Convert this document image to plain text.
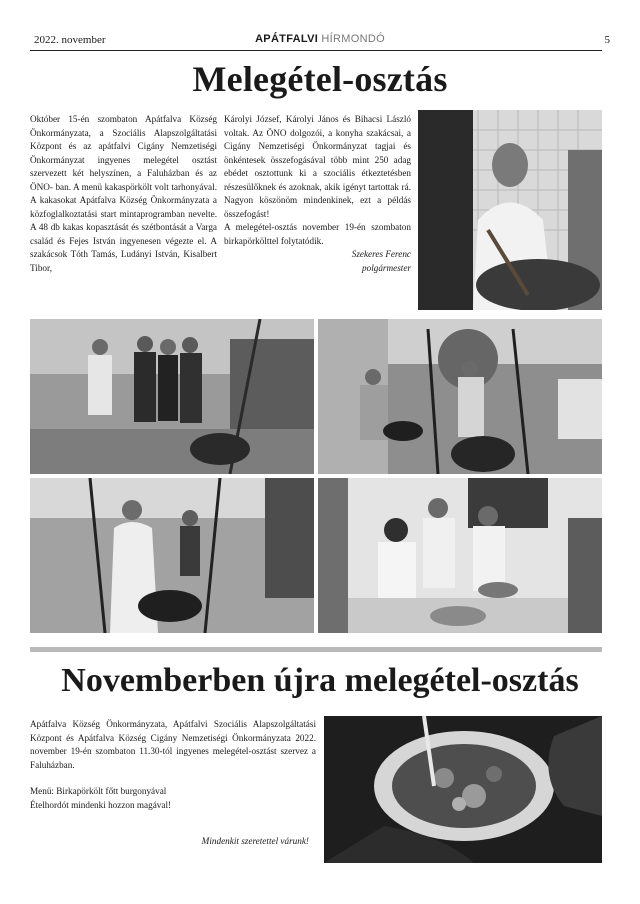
2022. november	APÁTFALVI HÍRMONDÓ	5
Melegétel-osztás
Október 15-én szombaton Apátfalva Község Önkormányzata, a Szociális Alapszolgáltatási Központ és az apátfalvi Cigány Nemzetiségi Önkormányzat ingyenes melegétel osztást szervezett két helyszínen, a Faluházban és az ÖNO- ban. A menü kakaspörkölt volt tarhonyával. A kakasokat Apátfalva Község Önkormányzata a közfoglalkoztatási start mintaprogramban nevelte. A 48 db kakas kopasztását és szétbontását a Varga család és Fejes István ingyenesen végezte el. A szakácsok Tóth Tamás, Ludányi István, Kisalbert Tibor,
Károlyi József, Károlyi János és Bihacsi László voltak. Az ÖNO dolgozói, a konyha szakácsai, a Cigány Nemzetiségi Önkormányzat tagjai és önkéntesek összefogásával több mint 250 adag ebédet osztottunk ki a szociális étkeztetésben részesülőknek és azoknak, akik igényt tartottak rá. Nagyon köszönöm mindenkinek, ezt a példás összefogást!
A melegétel-osztás november 19-én szombaton birkapörkölttel folytatódik.
Szekeres Ferenc
polgármester
Novemberben újra melegétel-osztás

Apátfalva Község Önkormányzata, Apátfalvi Szociális Alapszolgáltatási Központ és Apátfalva Község Cigány Nemzetiségi Önkormányzata 2022. november 19-én szombaton 11.30-tól ingyenes melegétel-osztást szervez a Faluházban.

Menü: Birkapörkölt főtt burgonyával

Ételhordót mindenki hozzon magával!

Mindenkit szeretettel várunk!
